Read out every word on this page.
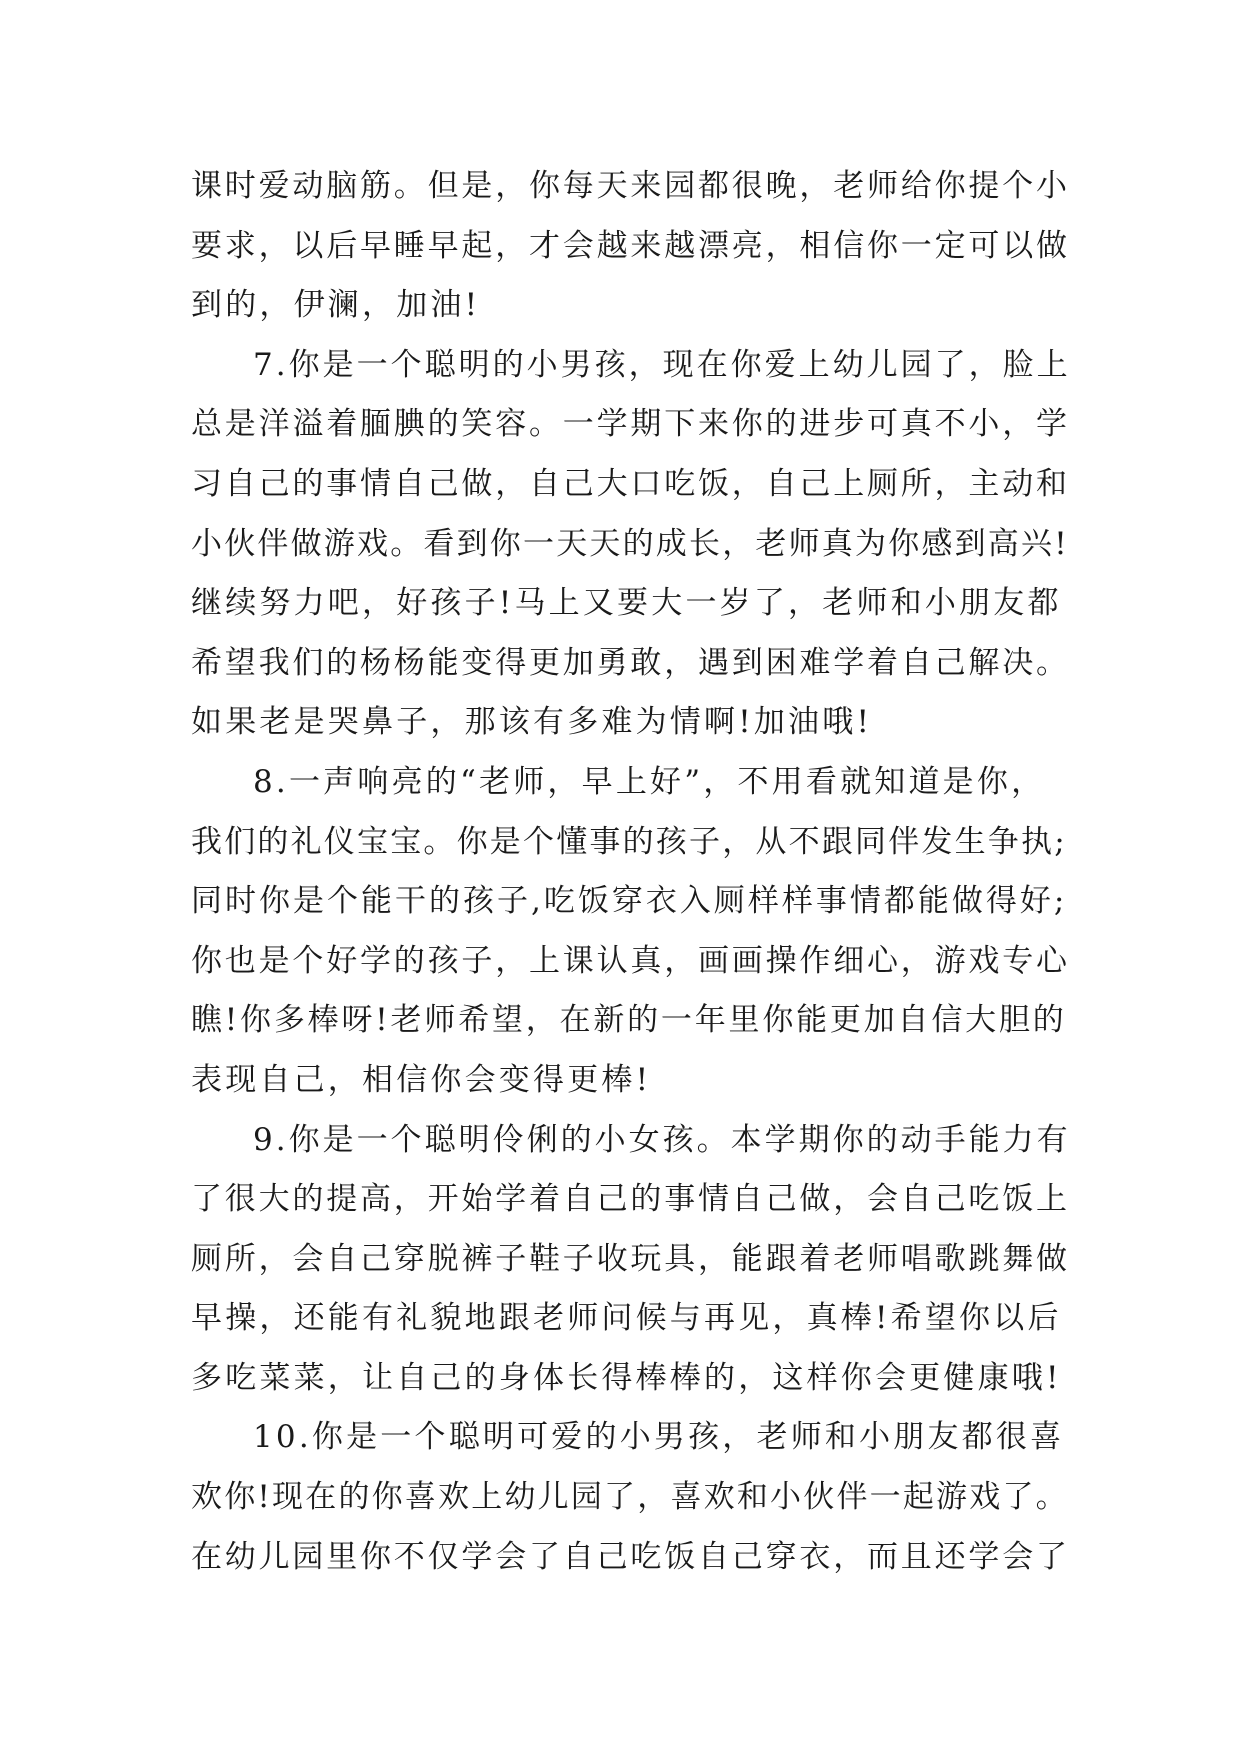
课时爱动脑筋。但是，你每天来园都很晚，老师给你提个小
要求，以后早睡早起，才会越来越漂亮，相信你一定可以做
到的，伊澜，加油!
7.你是一个聪明的小男孩，现在你爱上幼儿园了，脸上
总是洋溢着腼腆的笑容。一学期下来你的进步可真不小，学
习自己的事情自己做，自己大口吃饭，自己上厕所，主动和
小伙伴做游戏。看到你一天天的成长，老师真为你感到高兴!
继续努力吧，好孩子!马上又要大一岁了，老师和小朋友都
希望我们的杨杨能变得更加勇敢，遇到困难学着自己解决。
如果老是哭鼻子，那该有多难为情啊!加油哦!
8.一声响亮的“老师，早上好”，不用看就知道是你，
我们的礼仪宝宝。你是个懂事的孩子，从不跟同伴发生争执;
同时你是个能干的孩子,吃饭穿衣入厕样样事情都能做得好;
你也是个好学的孩子，上课认真，画画操作细心，游戏专心
瞧!你多棒呀!老师希望，在新的一年里你能更加自信大胆的
表现自己，相信你会变得更棒!
9.你是一个聪明伶俐的小女孩。本学期你的动手能力有
了很大的提高，开始学着自己的事情自己做，会自己吃饭上
厕所，会自己穿脱裤子鞋子收玩具，能跟着老师唱歌跳舞做
早操，还能有礼貌地跟老师问候与再见，真棒!希望你以后
多吃菜菜，让自己的身体长得棒棒的，这样你会更健康哦!
10.你是一个聪明可爱的小男孩，老师和小朋友都很喜
欢你!现在的你喜欢上幼儿园了，喜欢和小伙伴一起游戏了。
在幼儿园里你不仅学会了自己吃饭自己穿衣，而且还学会了
